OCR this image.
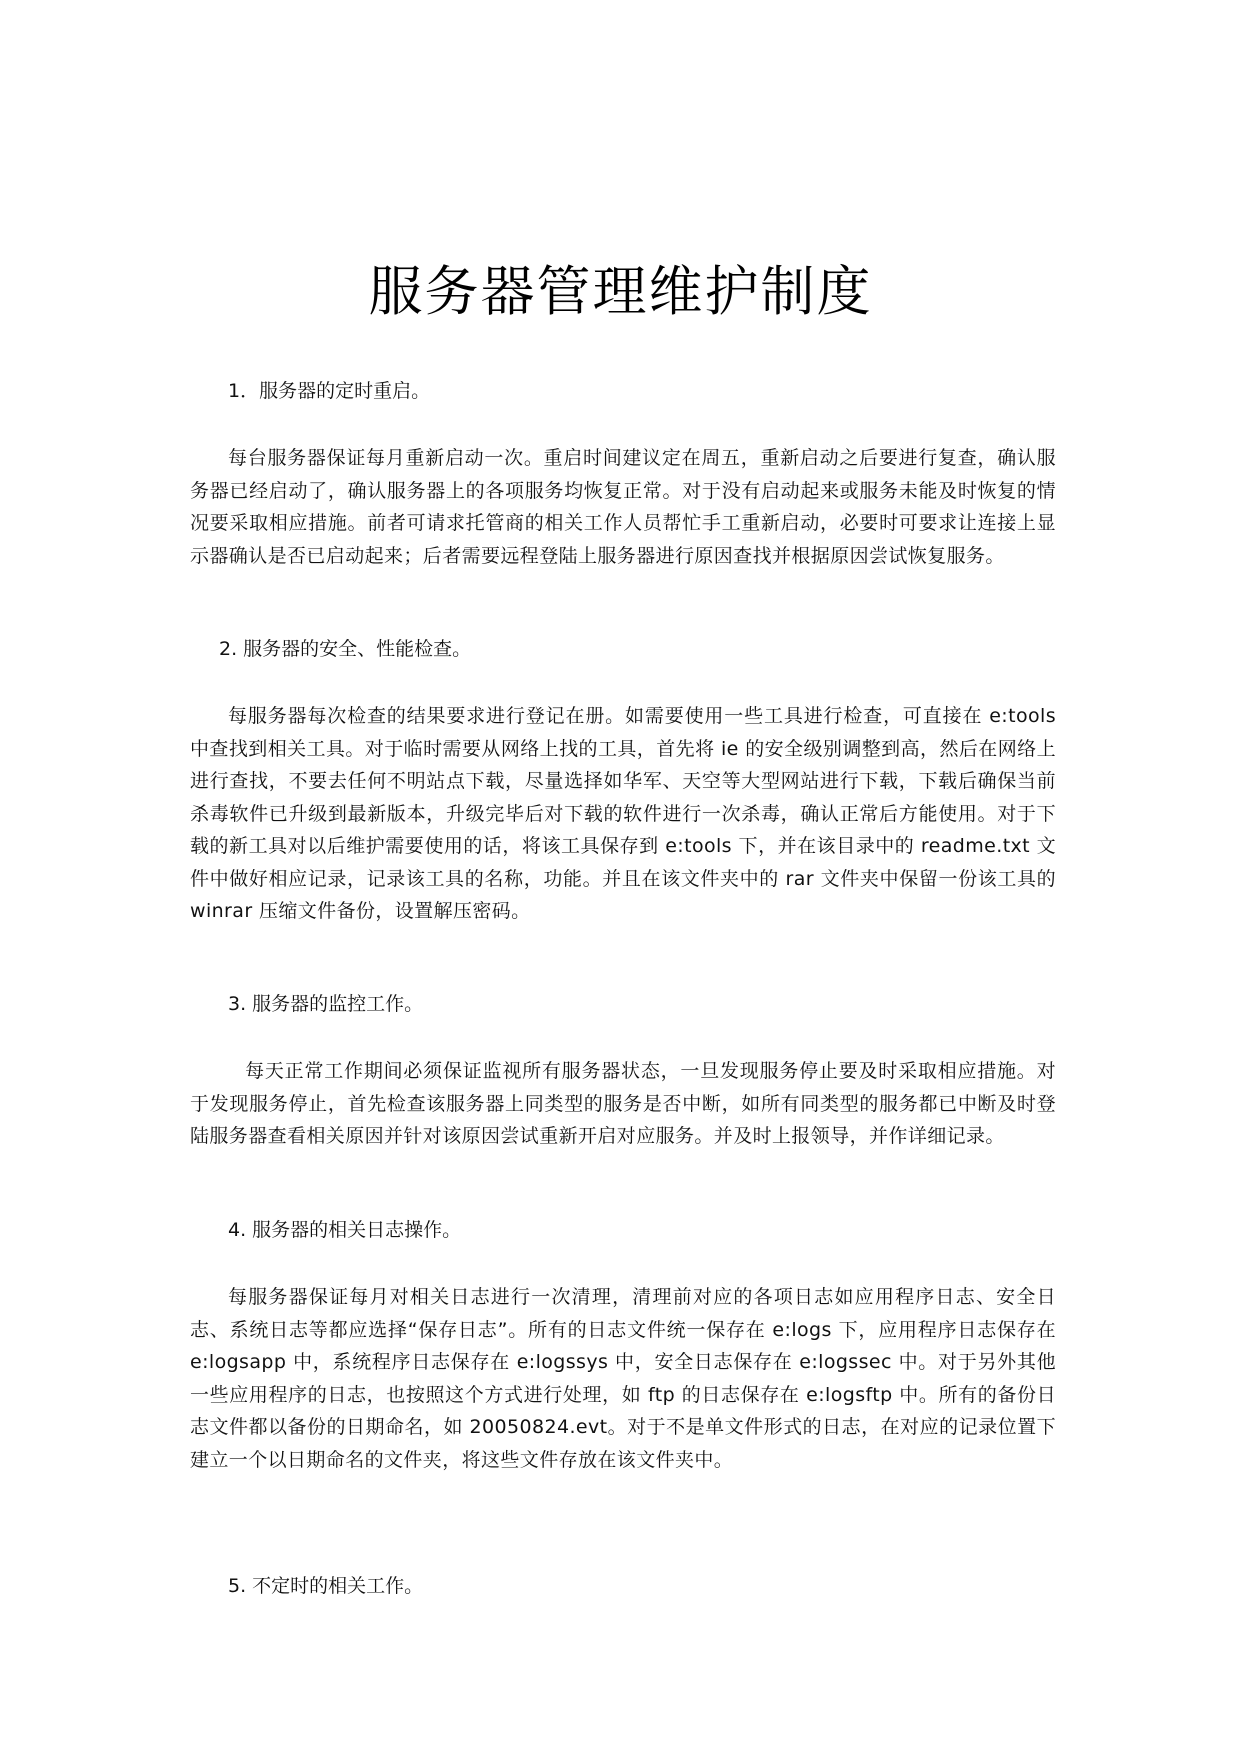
服务器管理维护制度

1．服务器的定时重启。

每台服务器保证每月重新启动一次。重启时间建议定在周五，重新启动之后要进行复查，确认服务器已经启动了，确认服务器上的各项服务均恢复正常。对于没有启动起来或服务未能及时恢复的情况要采取相应措施。前者可请求托管商的相关工作人员帮忙手工重新启动，必要时可要求让连接上显示器确认是否已启动起来；后者需要远程登陆上服务器进行原因查找并根据原因尝试恢复服务。

2. 服务器的安全、性能检查。

每服务器每次检查的结果要求进行登记在册。如需要使用一些工具进行检查，可直接在 e:tools 中查找到相关工具。对于临时需要从网络上找的工具，首先将 ie 的安全级别调整到高，然后在网络上进行查找，不要去任何不明站点下载，尽量选择如华军、天空等大型网站进行下载，下载后确保当前杀毒软件已升级到最新版本，升级完毕后对下载的软件进行一次杀毒，确认正常后方能使用。对于下载的新工具对以后维护需要使用的话，将该工具保存到 e:tools 下，并在该目录中的 readme.txt 文件中做好相应记录，记录该工具的名称，功能。并且在该文件夹中的 rar 文件夹中保留一份该工具的 winrar 压缩文件备份，设置解压密码。

3. 服务器的监控工作。

每天正常工作期间必须保证监视所有服务器状态，一旦发现服务停止要及时采取相应措施。对于发现服务停止，首先检查该服务器上同类型的服务是否中断，如所有同类型的服务都已中断及时登陆服务器查看相关原因并针对该原因尝试重新开启对应服务。并及时上报领导，并作详细记录。

4. 服务器的相关日志操作。

每服务器保证每月对相关日志进行一次清理，清理前对应的各项日志如应用程序日志、安全日志、系统日志等都应选择“保存日志”。所有的日志文件统一保存在 e:logs 下，应用程序日志保存在 e:logsapp 中，系统程序日志保存在 e:logssys 中，安全日志保存在 e:logssec 中。对于另外其他一些应用程序的日志，也按照这个方式进行处理，如 ftp 的日志保存在 e:logsftp 中。所有的备份日志文件都以备份的日期命名，如 20050824.evt。对于不是单文件形式的日志，在对应的记录位置下建立一个以日期命名的文件夹，将这些文件存放在该文件夹中。

5. 不定时的相关工作。
